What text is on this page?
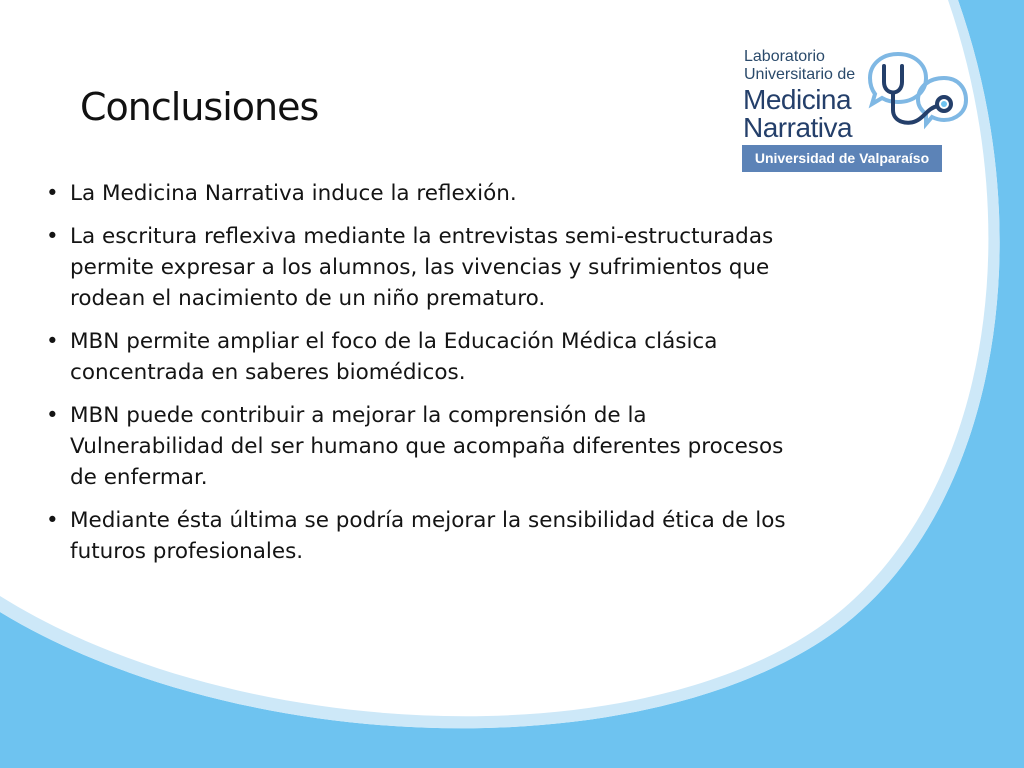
Conclusiones
• La Medicina Narrativa induce la reflexión.
• La escritura reflexiva mediante la entrevistas semi-estructuradas permite expresar a los alumnos, las vivencias y sufrimientos que rodean el nacimiento de un niño prematuro.
• MBN permite ampliar el foco de la Educación Médica clásica concentrada en saberes biomédicos.
• MBN puede contribuir a mejorar la comprensión de la Vulnerabilidad del ser humano que acompaña diferentes procesos de enfermar.
• Mediante ésta última se podría mejorar la sensibilidad ética de los futuros profesionales.
Laboratorio
Universitario de
Medicina
Narrativa
Universidad de Valparaíso
